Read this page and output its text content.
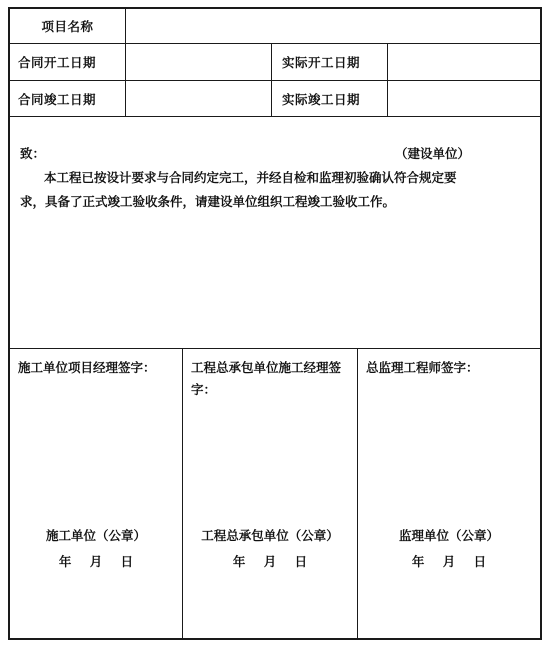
项目名称
合同开工日期	实际开工日期
合同竣工日期	实际竣工日期
致：	（建设单位）
本工程已按设计要求与合同约定完工，并经自检和监理初验确认符合规定要
求，具备了正式竣工验收条件，请建设单位组织工程竣工验收工作。
施工单位项目经理签字：
施工单位（公章）
年 月 日
工程总承包单位施工经理签字：
工程总承包单位（公章）
年 月 日
总监理工程师签字：
监理单位（公章）
年 月 日
